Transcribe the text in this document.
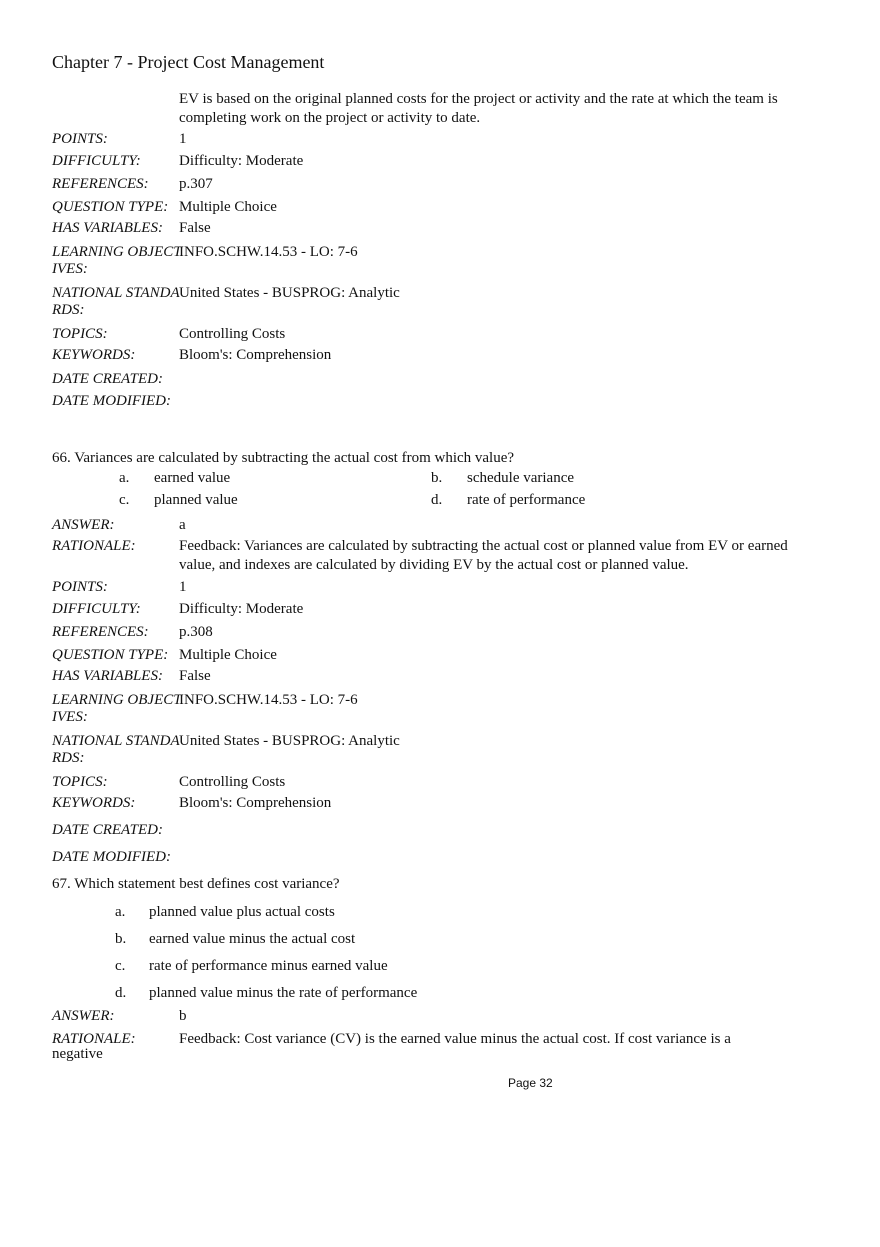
Chapter 7 - Project Cost Management
EV is based on the original planned costs for the project or activity and the rate at which the team is completing work on the project or activity to date.
POINTS:	1
DIFFICULTY:	Difficulty: Moderate
REFERENCES:	p.307
QUESTION TYPE: Multiple Choice
HAS VARIABLES:	False
LEARNING OBJECTIVES:
INFO.SCHW.14.53 - LO: 7-6
NATIONAL STANDARDS:
United States - BUSPROG: Analytic
TOPICS:	Controlling Costs
KEYWORDS:	Bloom's: Comprehension
DATE CREATED:
DATE MODIFIED:
66. Variances are calculated by subtracting the actual cost from which value?
a. earned value	b. schedule variance
c. planned value	d. rate of performance
ANSWER:	a
RATIONALE:	Feedback: Variances are calculated by subtracting the actual cost or planned value from EV or earned value, and indexes are calculated by dividing EV by the actual cost or planned value.
POINTS:	1
DIFFICULTY:	Difficulty: Moderate
REFERENCES:	p.308
QUESTION TYPE: Multiple Choice
HAS VARIABLES:	False
LEARNING OBJECTIVES:
INFO.SCHW.14.53 - LO: 7-6
NATIONAL STANDARDS:
United States - BUSPROG: Analytic
TOPICS:	Controlling Costs
KEYWORDS:	Bloom's: Comprehension
DATE CREATED:
DATE MODIFIED:
67. Which statement best defines cost variance?
a. planned value plus actual costs
b. earned value minus the actual cost
c. rate of performance minus earned value
d. planned value minus the rate of performance
ANSWER:	b
RATIONALE:	Feedback: Cost variance (CV) is the earned value minus the actual cost. If cost variance is a
negative
Page 32
